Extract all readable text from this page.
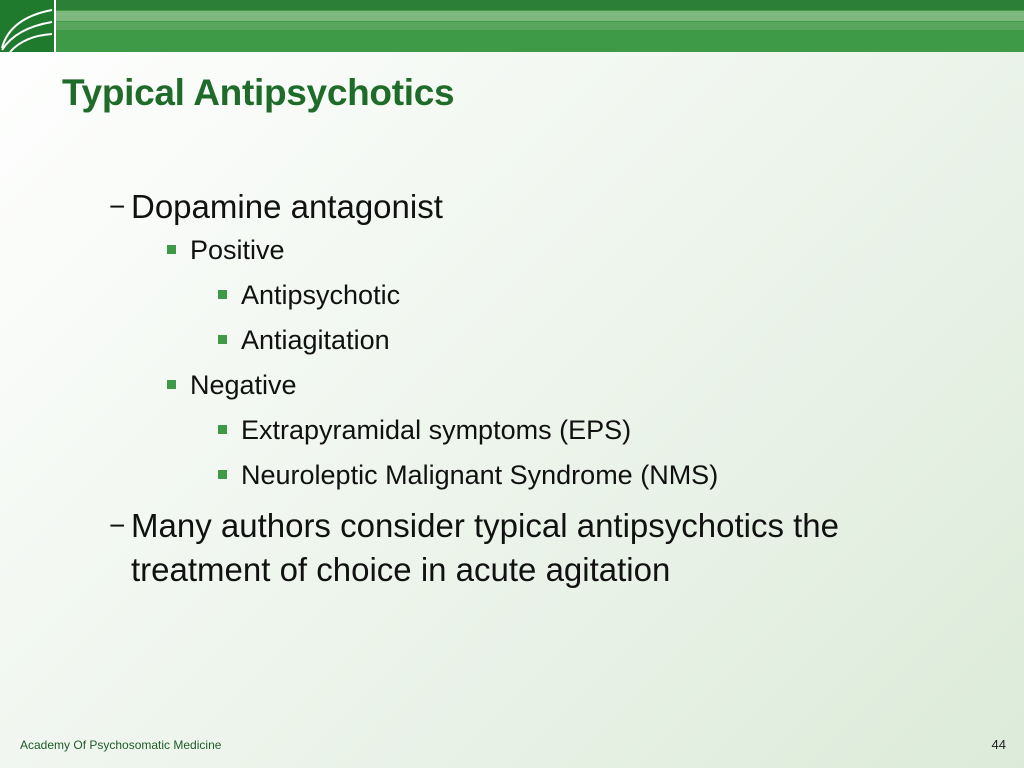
Typical Antipsychotics
− Dopamine antagonist
Positive
Antipsychotic
Antiagitation
Negative
Extrapyramidal symptoms (EPS)
Neuroleptic Malignant Syndrome (NMS)
− Many authors consider typical antipsychotics the treatment of choice in acute agitation
Academy Of Psychosomatic Medicine	44
